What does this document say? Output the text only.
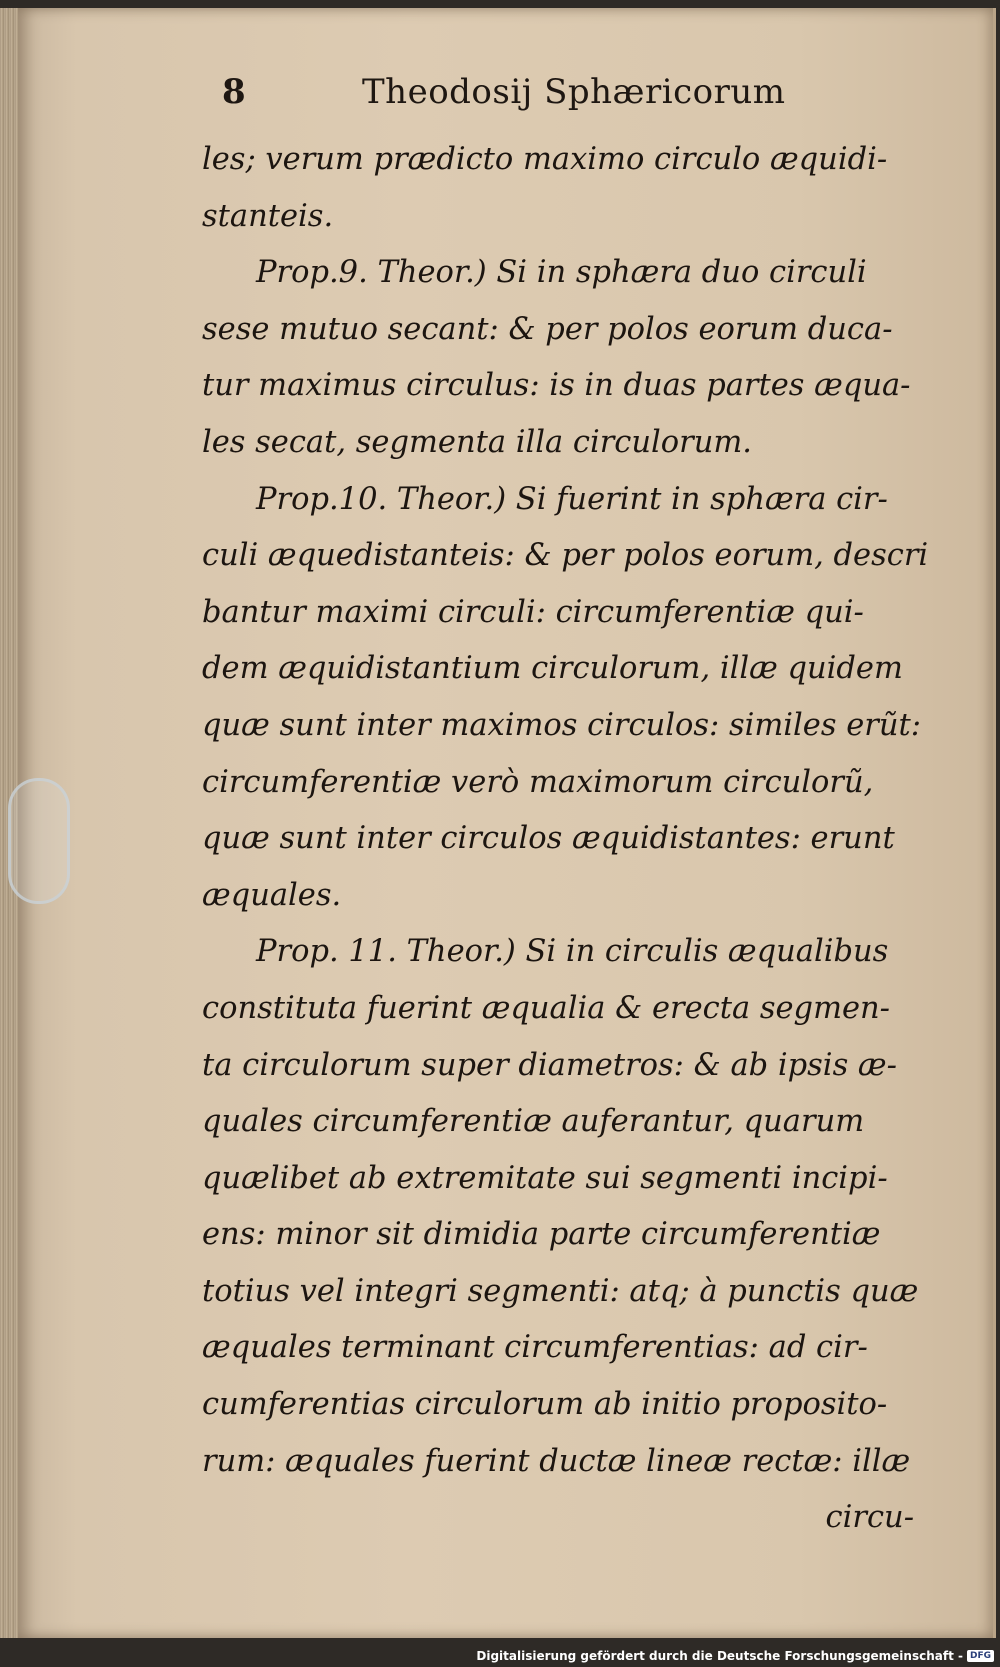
8	Theodosij Sphæricorum
les; verum prædicto maximo circulo æquidi-
stanteis.
Prop.9. Theor.) Si in sphæra duo circuli
sese mutuo secant: & per polos eorum duca-
tur maximus circulus: is in duas partes æqua-
les secat, segmenta illa circulorum.
Prop.10. Theor.) Si fuerint in sphæra cir-
culi æquedistanteis: & per polos eorum, descri
bantur maximi circuli: circumferentiæ qui-
dem æquidistantium circulorum, illæ quidem
quæ sunt inter maximos circulos: similes erũt:
circumferentiæ verò maximorum circulorũ,
quæ sunt inter circulos æquidistantes: erunt
æquales.
Prop. 11. Theor.) Si in circulis æqualibus
constituta fuerint æqualia & erecta segmen-
ta circulorum super diametros: & ab ipsis æ-
quales circumferentiæ auferantur, quarum
quælibet ab extremitate sui segmenti incipi-
ens: minor sit dimidia parte circumferentiæ
totius vel integri segmenti: atq; à punctis quæ
æquales terminant circumferentias: ad cir-
cumferentias circulorum ab initio proposito-
rum: æquales fuerint ductæ lineæ rectæ: illæ
circu-
Digitalisierung gefördert durch die Deutsche Forschungsgemeinschaft - DFG
